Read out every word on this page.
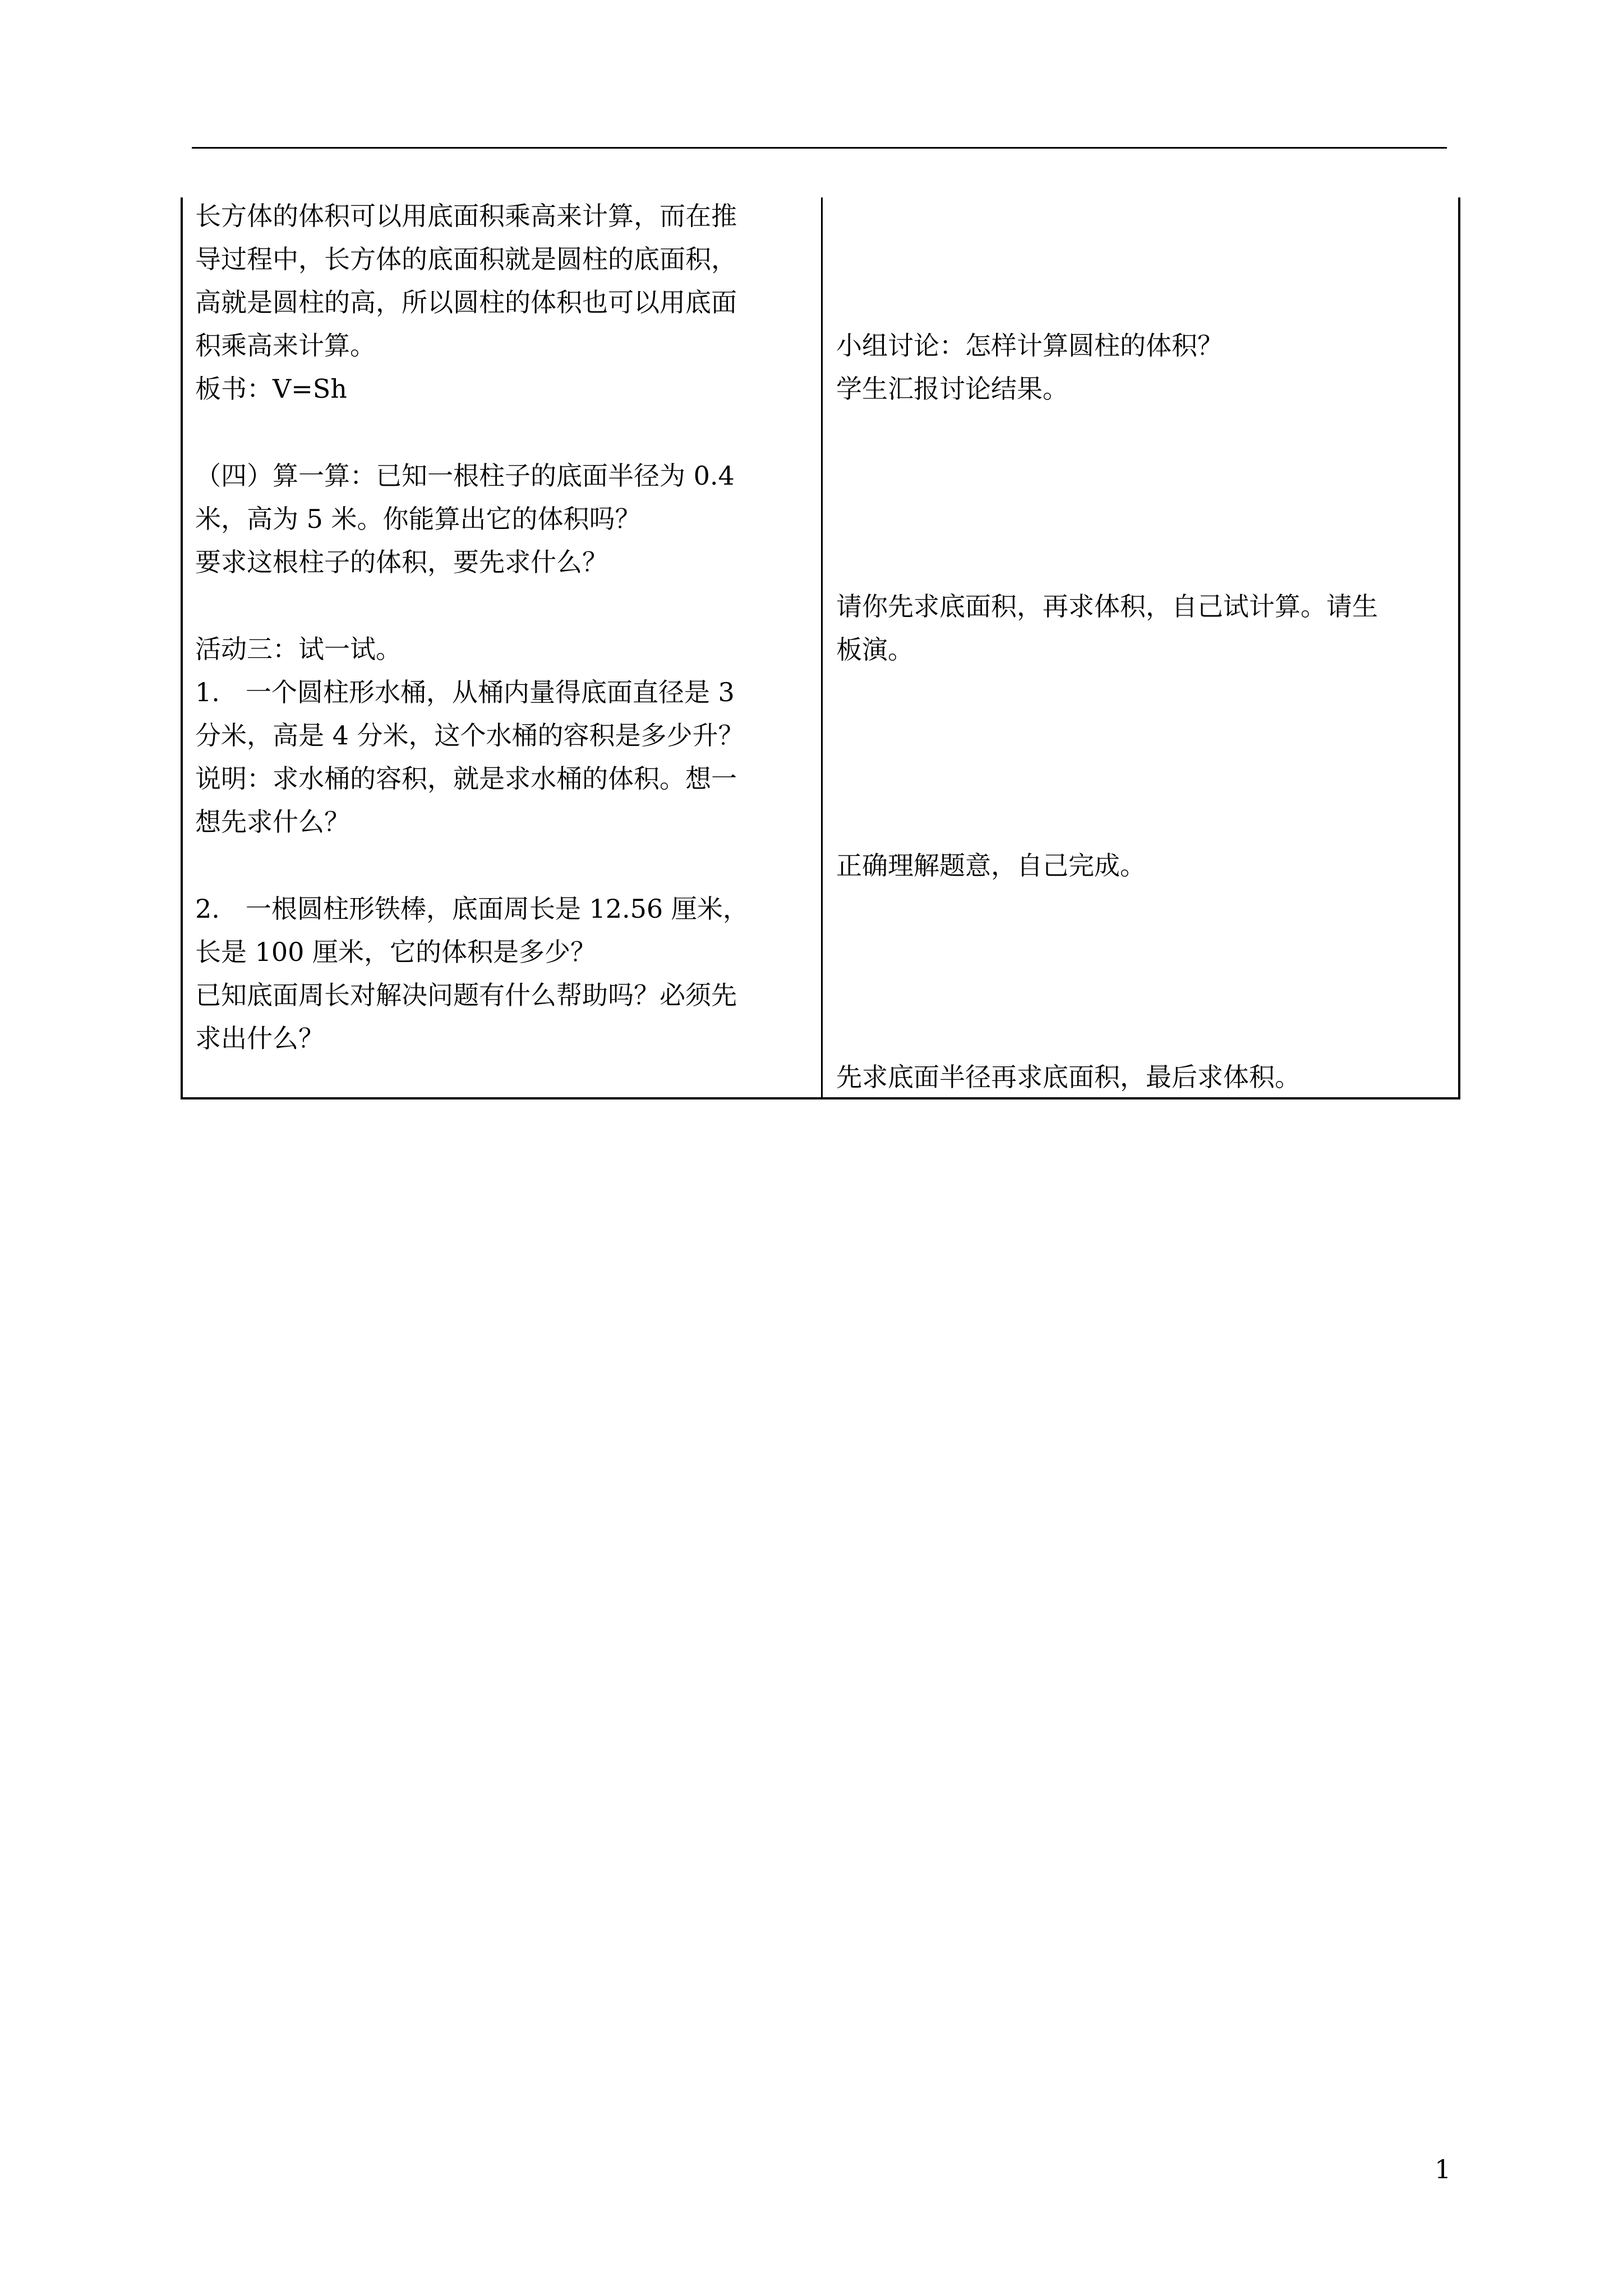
长方体的体积可以用底面积乘高来计算，而在推
导过程中，长方体的底面积就是圆柱的底面积，
高就是圆柱的高，所以圆柱的体积也可以用底面
积乘高来计算。
板书：V=Sh
（四）算一算：已知一根柱子的底面半径为 0.4
米，高为 5 米。你能算出它的体积吗？
要求这根柱子的体积，要先求什么？
活动三：试一试。
1.　一个圆柱形水桶，从桶内量得底面直径是 3
分米，高是 4 分米，这个水桶的容积是多少升？
说明：求水桶的容积，就是求水桶的体积。想一
想先求什么？
2.　一根圆柱形铁棒，底面周长是 12.56 厘米，
长是 100 厘米，它的体积是多少？
已知底面周长对解决问题有什么帮助吗？必须先
求出什么？
小组讨论：怎样计算圆柱的体积？
学生汇报讨论结果。
请你先求底面积，再求体积，自己试计算。请生
板演。
正确理解题意，自己完成。
先求底面半径再求底面积，最后求体积。
1
